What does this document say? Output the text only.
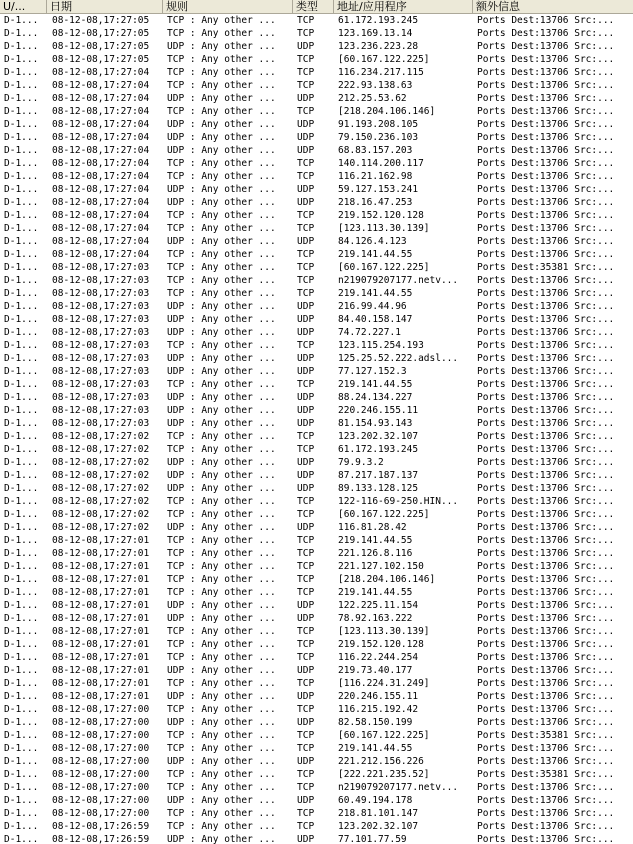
U/...	日期	规则	类型	地址/应用程序	额外信息
D-1...	08-12-08,17:27:05	TCP : Any other ...	TCP	61.172.193.245	Ports Dest:13706 Src:...
D-1...	08-12-08,17:27:05	TCP : Any other ...	TCP	123.169.13.14	Ports Dest:13706 Src:...
D-1...	08-12-08,17:27:05	UDP : Any other ...	UDP	123.236.223.28	Ports Dest:13706 Src:...
D-1...	08-12-08,17:27:05	TCP : Any other ...	TCP	[60.167.122.225]	Ports Dest:13706 Src:...
D-1...	08-12-08,17:27:04	TCP : Any other ...	TCP	116.234.217.115	Ports Dest:13706 Src:...
D-1...	08-12-08,17:27:04	TCP : Any other ...	TCP	222.93.138.63	Ports Dest:13706 Src:...
D-1...	08-12-08,17:27:04	UDP : Any other ...	UDP	212.25.53.62	Ports Dest:13706 Src:...
D-1...	08-12-08,17:27:04	TCP : Any other ...	TCP	[218.204.106.146]	Ports Dest:13706 Src:...
D-1...	08-12-08,17:27:04	UDP : Any other ...	UDP	91.193.208.105	Ports Dest:13706 Src:...
D-1...	08-12-08,17:27:04	UDP : Any other ...	UDP	79.150.236.103	Ports Dest:13706 Src:...
D-1...	08-12-08,17:27:04	UDP : Any other ...	UDP	68.83.157.203	Ports Dest:13706 Src:...
D-1...	08-12-08,17:27:04	TCP : Any other ...	TCP	140.114.200.117	Ports Dest:13706 Src:...
D-1...	08-12-08,17:27:04	TCP : Any other ...	TCP	116.21.162.98	Ports Dest:13706 Src:...
D-1...	08-12-08,17:27:04	UDP : Any other ...	UDP	59.127.153.241	Ports Dest:13706 Src:...
D-1...	08-12-08,17:27:04	UDP : Any other ...	UDP	218.16.47.253	Ports Dest:13706 Src:...
D-1...	08-12-08,17:27:04	TCP : Any other ...	TCP	219.152.120.128	Ports Dest:13706 Src:...
D-1...	08-12-08,17:27:04	TCP : Any other ...	TCP	[123.113.30.139]	Ports Dest:13706 Src:...
D-1...	08-12-08,17:27:04	UDP : Any other ...	UDP	84.126.4.123	Ports Dest:13706 Src:...
D-1...	08-12-08,17:27:04	TCP : Any other ...	TCP	219.141.44.55	Ports Dest:13706 Src:...
D-1...	08-12-08,17:27:03	TCP : Any other ...	TCP	[60.167.122.225]	Ports Dest:35381 Src:...
D-1...	08-12-08,17:27:03	TCP : Any other ...	TCP	n219079207177.netv...	Ports Dest:13706 Src:...
D-1...	08-12-08,17:27:03	TCP : Any other ...	TCP	219.141.44.55	Ports Dest:13706 Src:...
D-1...	08-12-08,17:27:03	UDP : Any other ...	UDP	216.99.44.96	Ports Dest:13706 Src:...
D-1...	08-12-08,17:27:03	UDP : Any other ...	UDP	84.40.158.147	Ports Dest:13706 Src:...
D-1...	08-12-08,17:27:03	UDP : Any other ...	UDP	74.72.227.1	Ports Dest:13706 Src:...
D-1...	08-12-08,17:27:03	TCP : Any other ...	TCP	123.115.254.193	Ports Dest:13706 Src:...
D-1...	08-12-08,17:27:03	UDP : Any other ...	UDP	125.25.52.222.adsl...	Ports Dest:13706 Src:...
D-1...	08-12-08,17:27:03	UDP : Any other ...	UDP	77.127.152.3	Ports Dest:13706 Src:...
D-1...	08-12-08,17:27:03	TCP : Any other ...	TCP	219.141.44.55	Ports Dest:13706 Src:...
D-1...	08-12-08,17:27:03	UDP : Any other ...	UDP	88.24.134.227	Ports Dest:13706 Src:...
D-1...	08-12-08,17:27:03	UDP : Any other ...	UDP	220.246.155.11	Ports Dest:13706 Src:...
D-1...	08-12-08,17:27:03	UDP : Any other ...	UDP	81.154.93.143	Ports Dest:13706 Src:...
D-1...	08-12-08,17:27:02	TCP : Any other ...	TCP	123.202.32.107	Ports Dest:13706 Src:...
D-1...	08-12-08,17:27:02	TCP : Any other ...	TCP	61.172.193.245	Ports Dest:13706 Src:...
D-1...	08-12-08,17:27:02	UDP : Any other ...	UDP	79.9.3.2	Ports Dest:13706 Src:...
D-1...	08-12-08,17:27:02	UDP : Any other ...	UDP	87.217.187.137	Ports Dest:13706 Src:...
D-1...	08-12-08,17:27:02	UDP : Any other ...	UDP	89.133.128.125	Ports Dest:13706 Src:...
D-1...	08-12-08,17:27:02	TCP : Any other ...	TCP	122-116-69-250.HIN...	Ports Dest:13706 Src:...
D-1...	08-12-08,17:27:02	TCP : Any other ...	TCP	[60.167.122.225]	Ports Dest:13706 Src:...
D-1...	08-12-08,17:27:02	UDP : Any other ...	UDP	116.81.28.42	Ports Dest:13706 Src:...
D-1...	08-12-08,17:27:01	TCP : Any other ...	TCP	219.141.44.55	Ports Dest:13706 Src:...
D-1...	08-12-08,17:27:01	TCP : Any other ...	TCP	221.126.8.116	Ports Dest:13706 Src:...
D-1...	08-12-08,17:27:01	TCP : Any other ...	TCP	221.127.102.150	Ports Dest:13706 Src:...
D-1...	08-12-08,17:27:01	TCP : Any other ...	TCP	[218.204.106.146]	Ports Dest:13706 Src:...
D-1...	08-12-08,17:27:01	TCP : Any other ...	TCP	219.141.44.55	Ports Dest:13706 Src:...
D-1...	08-12-08,17:27:01	UDP : Any other ...	UDP	122.225.11.154	Ports Dest:13706 Src:...
D-1...	08-12-08,17:27:01	UDP : Any other ...	UDP	78.92.163.222	Ports Dest:13706 Src:...
D-1...	08-12-08,17:27:01	TCP : Any other ...	TCP	[123.113.30.139]	Ports Dest:13706 Src:...
D-1...	08-12-08,17:27:01	TCP : Any other ...	TCP	219.152.120.128	Ports Dest:13706 Src:...
D-1...	08-12-08,17:27:01	TCP : Any other ...	TCP	116.22.244.254	Ports Dest:13706 Src:...
D-1...	08-12-08,17:27:01	UDP : Any other ...	UDP	219.73.40.177	Ports Dest:13706 Src:...
D-1...	08-12-08,17:27:01	TCP : Any other ...	TCP	[116.224.31.249]	Ports Dest:13706 Src:...
D-1...	08-12-08,17:27:01	UDP : Any other ...	UDP	220.246.155.11	Ports Dest:13706 Src:...
D-1...	08-12-08,17:27:00	TCP : Any other ...	TCP	116.215.192.42	Ports Dest:13706 Src:...
D-1...	08-12-08,17:27:00	UDP : Any other ...	UDP	82.58.150.199	Ports Dest:13706 Src:...
D-1...	08-12-08,17:27:00	TCP : Any other ...	TCP	[60.167.122.225]	Ports Dest:35381 Src:...
D-1...	08-12-08,17:27:00	TCP : Any other ...	TCP	219.141.44.55	Ports Dest:13706 Src:...
D-1...	08-12-08,17:27:00	UDP : Any other ...	UDP	221.212.156.226	Ports Dest:13706 Src:...
D-1...	08-12-08,17:27:00	TCP : Any other ...	TCP	[222.221.235.52]	Ports Dest:35381 Src:...
D-1...	08-12-08,17:27:00	TCP : Any other ...	TCP	n219079207177.netv...	Ports Dest:13706 Src:...
D-1...	08-12-08,17:27:00	UDP : Any other ...	UDP	60.49.194.178	Ports Dest:13706 Src:...
D-1...	08-12-08,17:27:00	TCP : Any other ...	TCP	218.81.101.147	Ports Dest:13706 Src:...
D-1...	08-12-08,17:26:59	TCP : Any other ...	TCP	123.202.32.107	Ports Dest:13706 Src:...
D-1...	08-12-08,17:26:59	UDP : Any other ...	UDP	77.101.77.59	Ports Dest:13706 Src:...
